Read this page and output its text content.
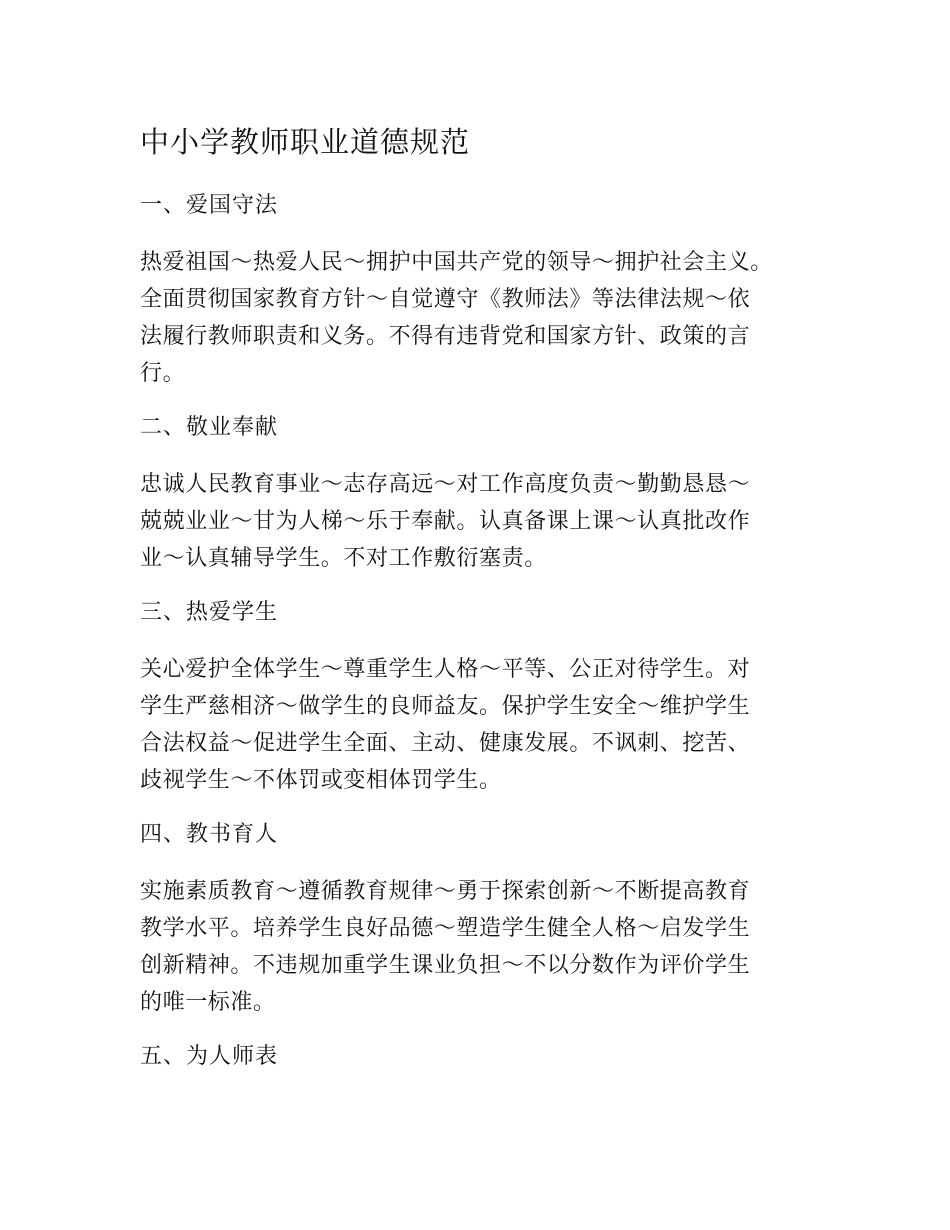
中小学教师职业道德规范
一、爱国守法
热爱祖国～热爱人民～拥护中国共产党的领导～拥护社会主义。
全面贯彻国家教育方针～自觉遵守《教师法》等法律法规～依
法履行教师职责和义务。不得有违背党和国家方针、政策的言
行。
二、敬业奉献
忠诚人民教育事业～志存高远～对工作高度负责～勤勤恳恳～
兢兢业业～甘为人梯～乐于奉献。认真备课上课～认真批改作
业～认真辅导学生。不对工作敷衍塞责。
三、热爱学生
关心爱护全体学生～尊重学生人格～平等、公正对待学生。对
学生严慈相济～做学生的良师益友。保护学生安全～维护学生
合法权益～促进学生全面、主动、健康发展。不讽刺、挖苦、
歧视学生～不体罚或变相体罚学生。
四、教书育人
实施素质教育～遵循教育规律～勇于探索创新～不断提高教育
教学水平。培养学生良好品德～塑造学生健全人格～启发学生
创新精神。不违规加重学生课业负担～不以分数作为评价学生
的唯一标准。
五、为人师表
